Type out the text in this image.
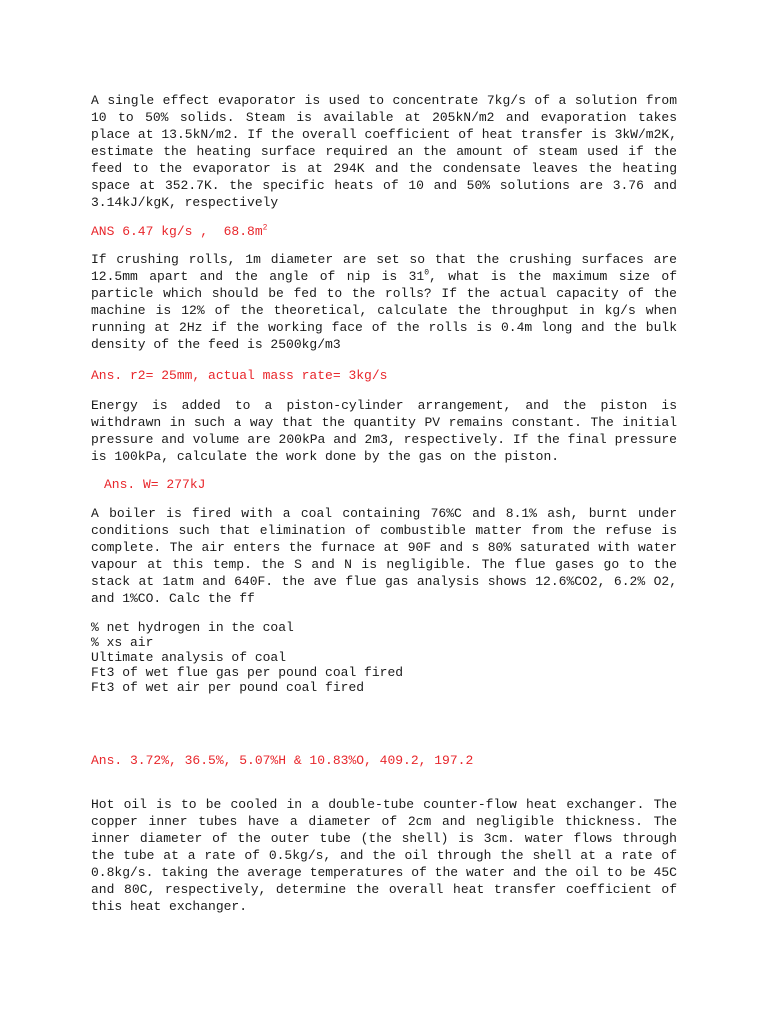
A single effect evaporator is used to concentrate 7kg/s of a solution from 10 to 50% solids. Steam is available at 205kN/m2 and evaporation takes place at 13.5kN/m2. If the overall coefficient of heat transfer is 3kW/m2K, estimate the heating surface required an the amount of steam used if the feed to the evaporator is at 294K and the condensate leaves the heating space at 352.7K. the specific heats of 10 and 50% solutions are 3.76 and 3.14kJ/kgK, respectively

ANS 6.47 kg/s ,  $68.8m^2$

If crushing rolls, 1m diameter are set so that the crushing surfaces are 12.5mm apart and the angle of nip is $31^0$, what is the maximum size of particle which should be fed to the rolls? If the actual capacity of the machine is 12% of the theoretical, calculate the throughput in kg/s when running at 2Hz if the working face of the rolls is 0.4m long and the bulk density of the feed is 2500kg/m3

Ans. r2= 25mm, actual mass rate= 3kg/s

Energy is added to a piston-cylinder arrangement, and the piston is withdrawn in such a way that the quantity PV remains constant. The initial pressure and volume are 200kPa and 2m3, respectively. If the final pressure is 100kPa, calculate the work done by the gas on the piston.

Ans. W= 277kJ

A boiler is fired with a coal containing 76%C and 8.1% ash, burnt under conditions such that elimination of combustible matter from the refuse is complete. The air enters the furnace at 90F and s 80% saturated with water vapour at this temp. the S and N is negligible. The flue gases go to the stack at 1atm and 640F. the ave flue gas analysis shows 12.6%CO2, 6.2% O2, and 1%CO. Calc the ff

% net hydrogen in the coal
% xs air
Ultimate analysis of coal
Ft3 of wet flue gas per pound coal fired
Ft3 of wet air per pound coal fired

Ans. 3.72%, 36.5%, 5.07%H & 10.83%O, 409.2, 197.2

Hot oil is to be cooled in a double-tube counter-flow heat exchanger. The copper inner tubes have a diameter of 2cm and negligible thickness. The inner diameter of the outer tube (the shell) is 3cm. water flows through the tube at a rate of 0.5kg/s, and the oil through the shell at a rate of 0.8kg/s. taking the average temperatures of the water and the oil to be 45C and 80C, respectively, determine the overall heat transfer coefficient of this heat exchanger.
